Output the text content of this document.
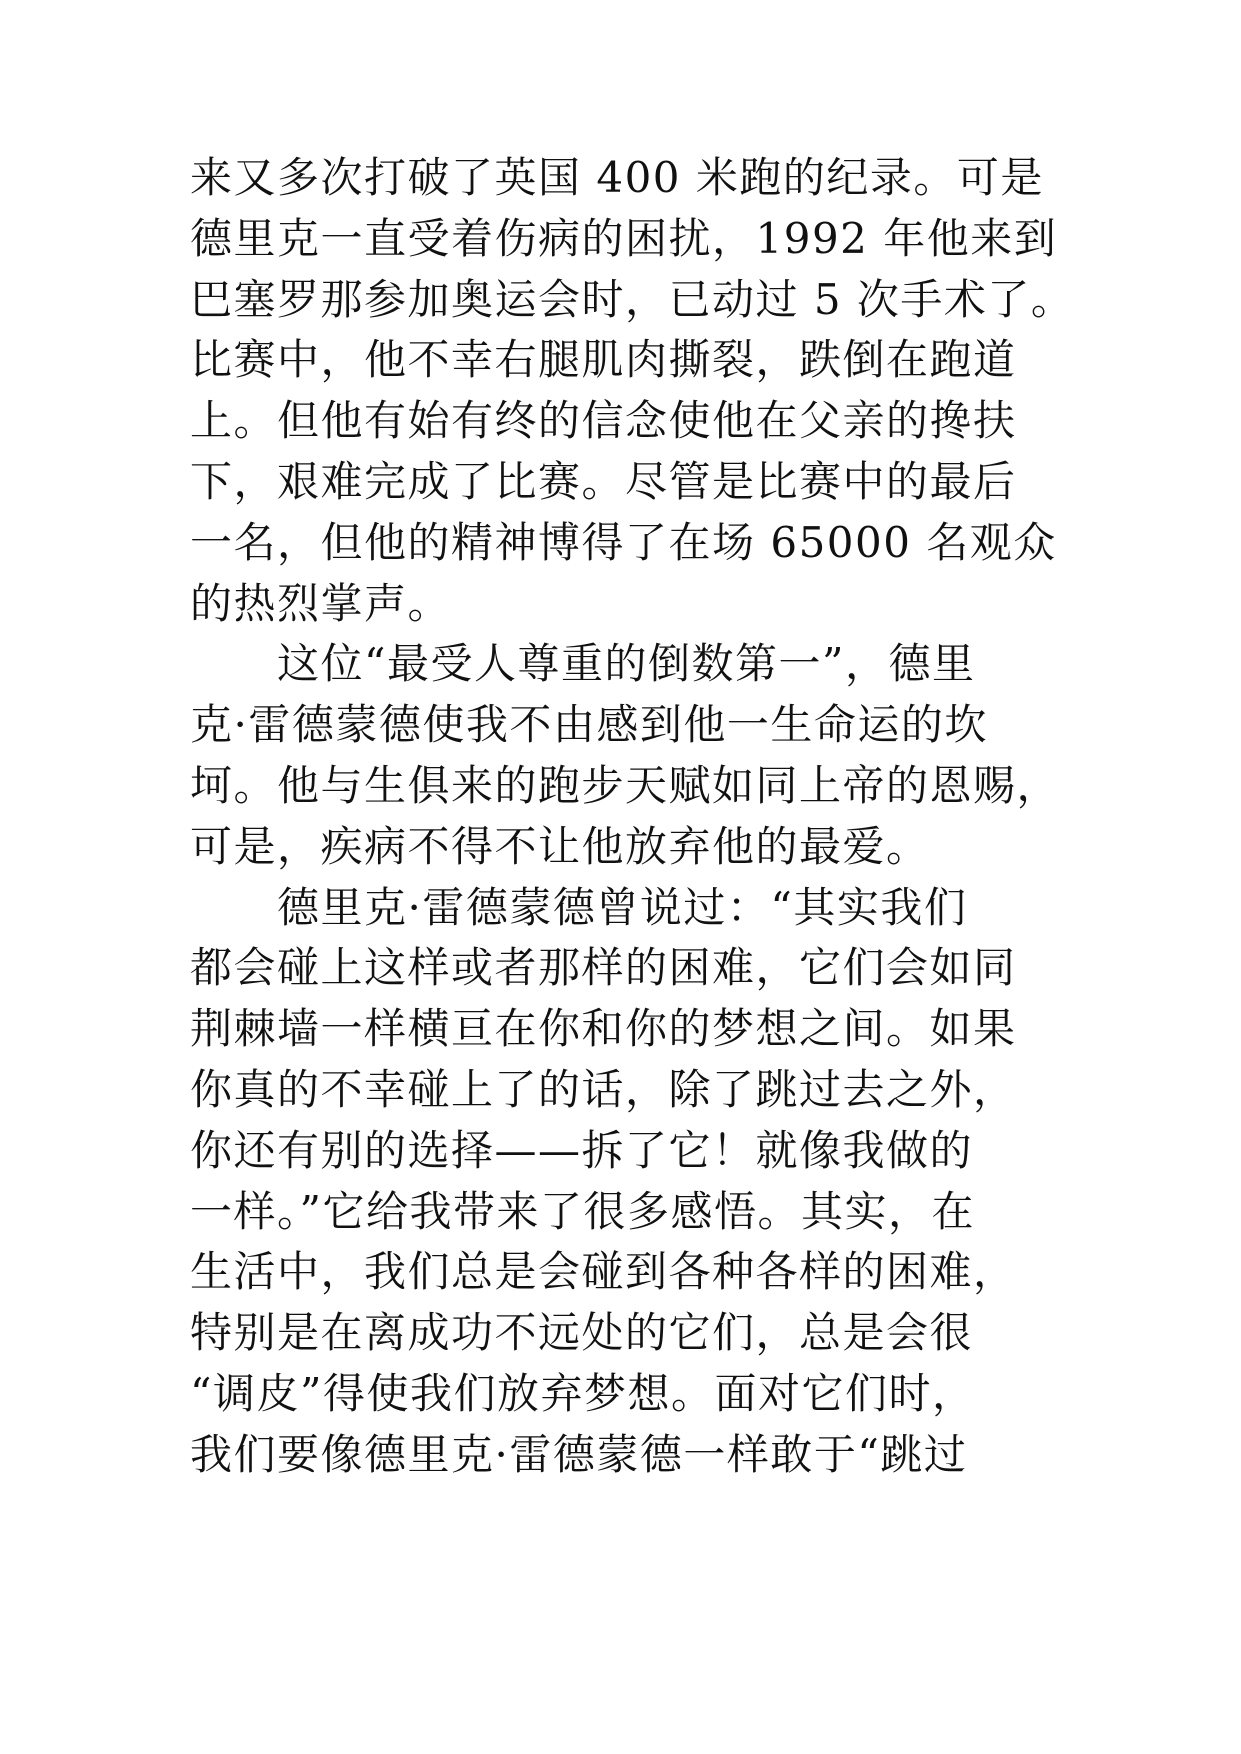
来又多次打破了英国 400 米跑的纪录。可是
德里克一直受着伤病的困扰，1992 年他来到
巴塞罗那参加奥运会时，已动过 5 次手术了。
比赛中，他不幸右腿肌肉撕裂，跌倒在跑道
上。但他有始有终的信念使他在父亲的搀扶
下，艰难完成了比赛。尽管是比赛中的最后
一名，但他的精神博得了在场 65000 名观众
的热烈掌声。
　　这位“最受人尊重的倒数第一”，德里
克·雷德蒙德使我不由感到他一生命运的坎
坷。他与生俱来的跑步天赋如同上帝的恩赐，
可是，疾病不得不让他放弃他的最爱。
　　德里克·雷德蒙德曾说过：“其实我们
都会碰上这样或者那样的困难，它们会如同
荆棘墙一样横亘在你和你的梦想之间。如果
你真的不幸碰上了的话，除了跳过去之外，
你还有别的选择——拆了它！就像我做的
一样。”它给我带来了很多感悟。其实，在
生活中，我们总是会碰到各种各样的困难，
特别是在离成功不远处的它们，总是会很
“调皮”得使我们放弃梦想。面对它们时，
我们要像德里克·雷德蒙德一样敢于“跳过
